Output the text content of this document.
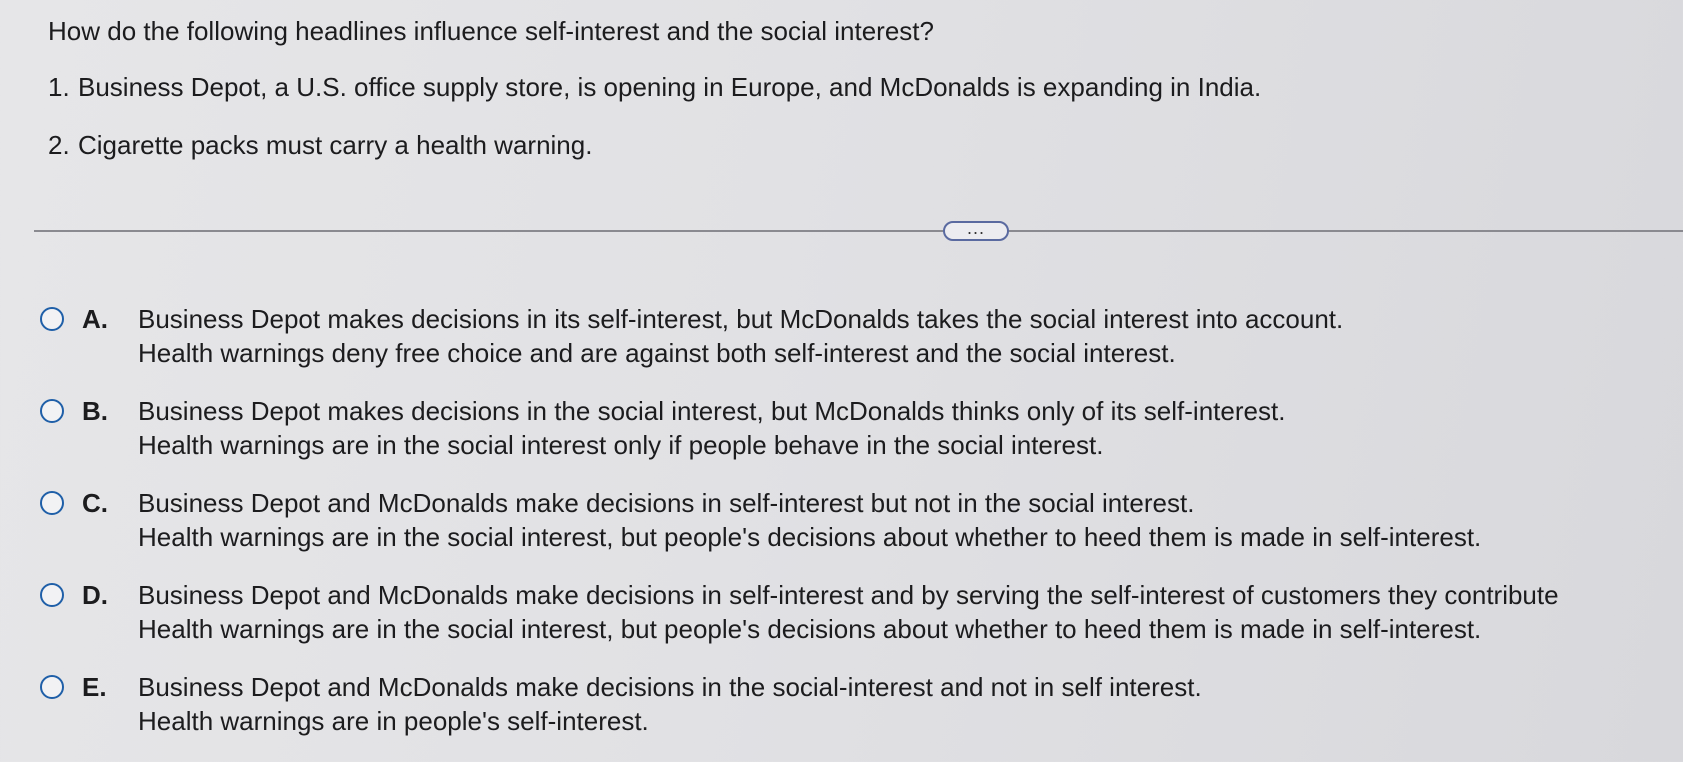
How do the following headlines influence self-interest and the social interest?
1. Business Depot, a U.S. office supply store, is opening in Europe, and McDonalds is expanding in India.
2. Cigarette packs must carry a health warning.
...
A.	Business Depot makes decisions in its self-interest, but McDonalds takes the social interest into account.
Health warnings deny free choice and are against both self-interest and the social interest.
B.	Business Depot makes decisions in the social interest, but McDonalds thinks only of its self-interest.
Health warnings are in the social interest only if people behave in the social interest.
C.	Business Depot and McDonalds make decisions in self-interest but not in the social interest.
Health warnings are in the social interest, but people's decisions about whether to heed them is made in self-interest.
D.	Business Depot and McDonalds make decisions in self-interest and by serving the self-interest of customers they contribute
Health warnings are in the social interest, but people's decisions about whether to heed them is made in self-interest.
E.	Business Depot and McDonalds make decisions in the social-interest and not in self interest.
Health warnings are in people's self-interest.
